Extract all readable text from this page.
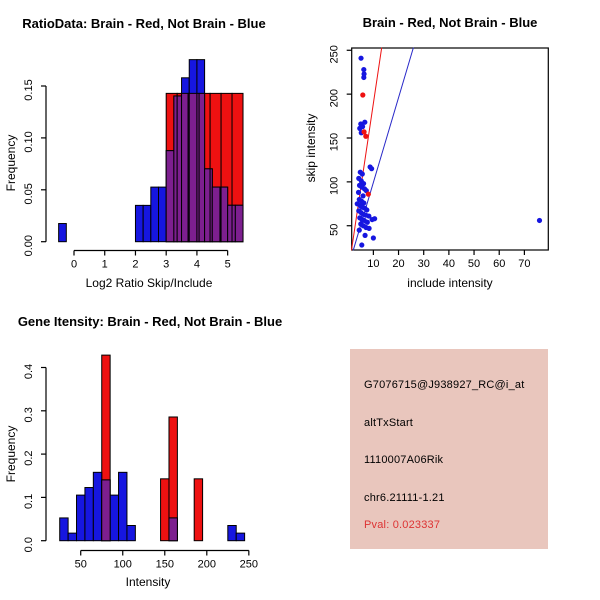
0.00
0.05
0.10
0.15
0 1 2 3 4 5	10 20 30 40 50 60 70
50
100
150
200
250
0.0
0.1
0.2
0.3
0.4
50 100 150 200 250
RatioData: Brain - Red, Not Brain - Blue	Brain - Red, Not Brain - Blue
Gene Itensity: Brain - Red, Not Brain - Blue
Log2 Ratio Skip/Include
Frequency
include intensity
skip intensity
Intensity
Frequency
G7076715@J938927_RC@i_at
altTxStart
1110007A06Rik
chr6.21111-1.21
Pval: 0.023337
